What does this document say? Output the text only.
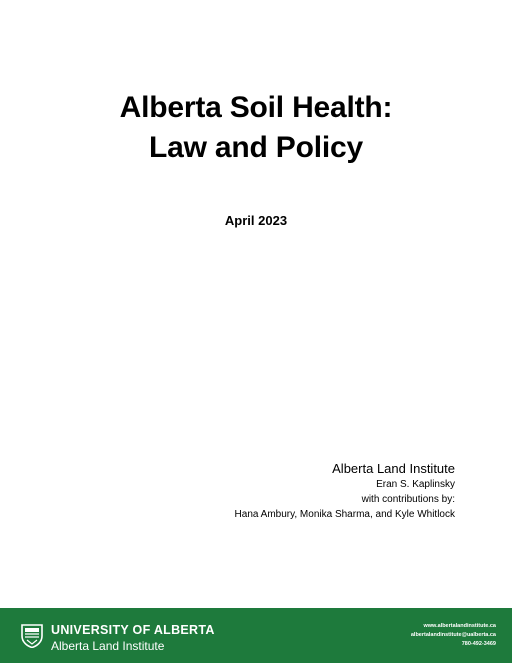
Alberta Soil Health:
Law and Policy
April 2023
Alberta Land Institute
Eran S. Kaplinsky
with contributions by:
Hana Ambury, Monika Sharma, and Kyle Whitlock
UNIVERSITY OF ALBERTA
Alberta Land Institute
www.albertalandinstitute.ca
albertalandinstitute@ualberta.ca
780-492-3469
